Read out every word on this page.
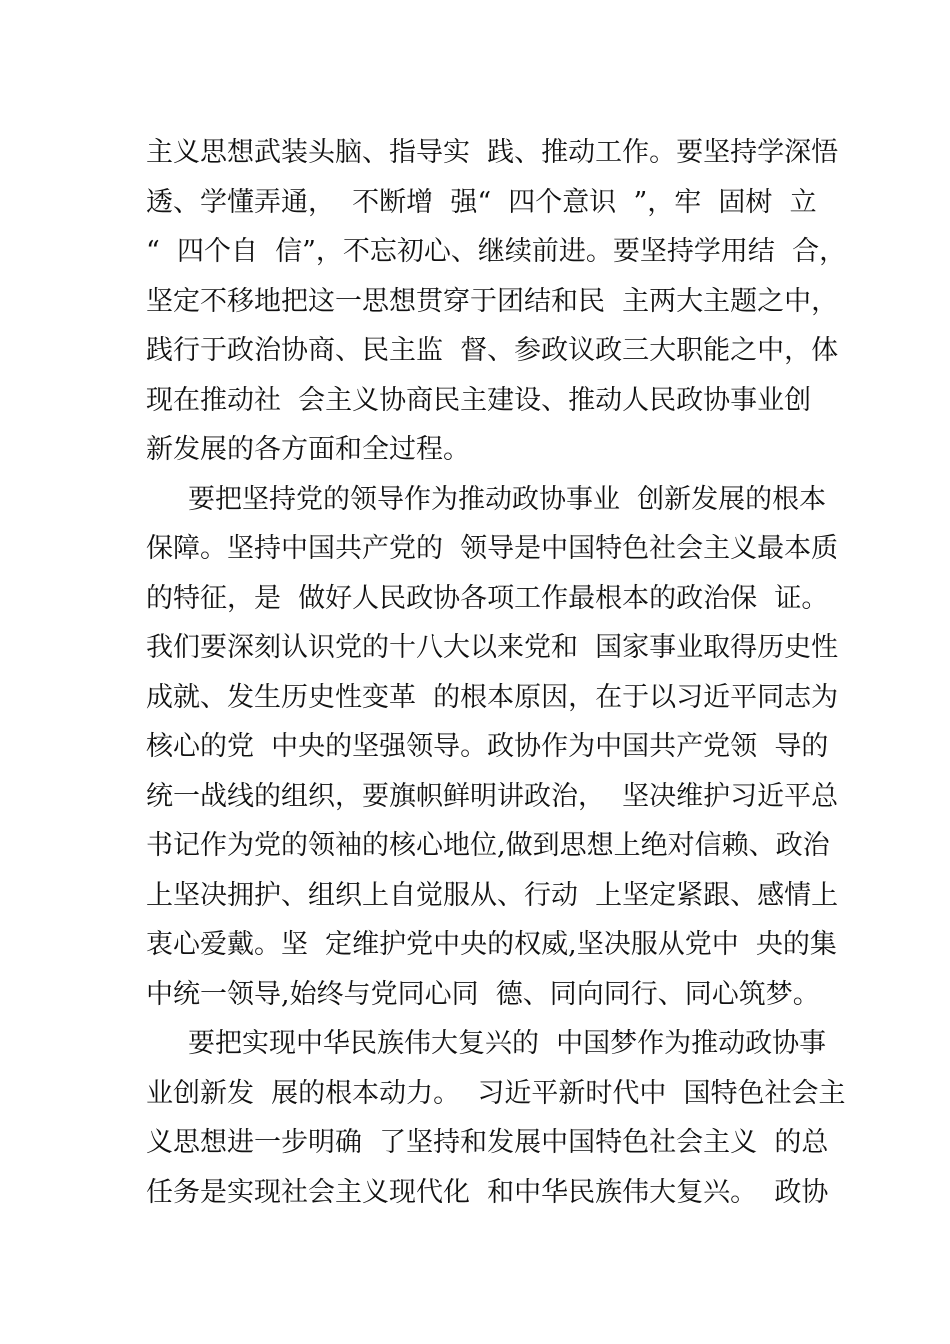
主义思想武装头脑、指导实  践、推动工作。要坚持学深悟
透、学懂弄通，  不断增  强“  四个意识  ”，牢  固树  立
“  四个自  信”，不忘初心、继续前进。要坚持学用结  合，
坚定不移地把这一思想贯穿于团结和民  主两大主题之中，
践行于政治协商、民主监  督、参政议政三大职能之中，体
现在推动社  会主义协商民主建设、推动人民政协事业创
新发展的各方面和全过程。
要把坚持党的领导作为推动政协事业  创新发展的根本
保障。坚持中国共产党的  领导是中国特色社会主义最本质
的特征，是  做好人民政协各项工作最根本的政治保  证。
我们要深刻认识党的十八大以来党和  国家事业取得历史性
成就、发生历史性变革  的根本原因，在于以习近平同志为
核心的党  中央的坚强领导。政协作为中国共产党领  导的
统一战线的组织，要旗帜鲜明讲政治，  坚决维护习近平总
书记作为党的领袖的核心地位,做到思想上绝对信赖、政治
上坚决拥护、组织上自觉服从、行动  上坚定紧跟、感情上
衷心爱戴。坚  定维护党中央的权威,坚决服从党中  央的集
中统一领导,始终与党同心同  德、同向同行、同心筑梦。
要把实现中华民族伟大复兴的  中国梦作为推动政协事
业创新发  展的根本动力。  习近平新时代中  国特色社会主
义思想进一步明确  了坚持和发展中国特色社会主义  的总
任务是实现社会主义现代化  和中华民族伟大复兴。  政协
